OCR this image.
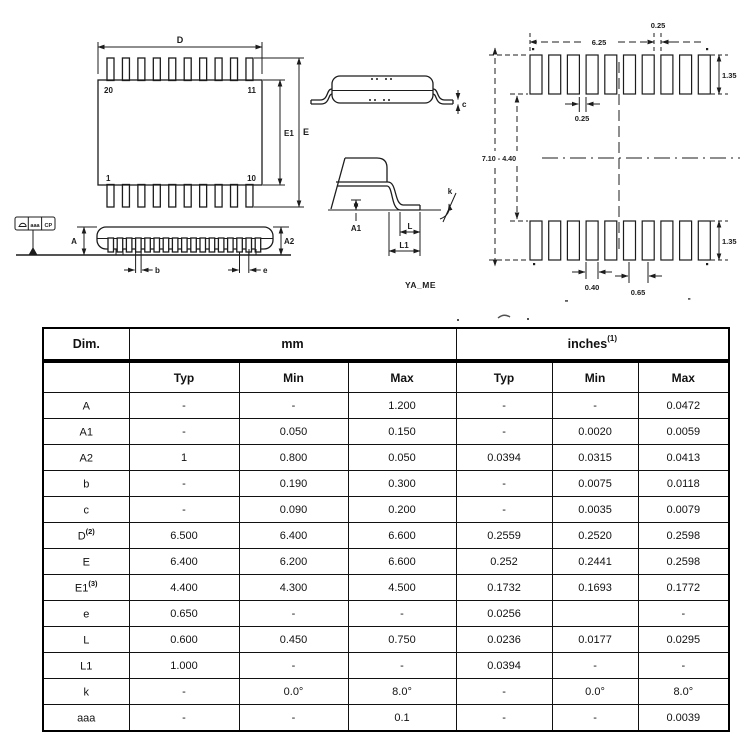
D
20	11
1	10
E1 E
aaa CP
A	A2
b	e
c
A1	L
L1
k
YA_ME
6.25
0.25
1.35
0.25
7.10 - 4.40
1.35
0.40
0.65
Dim.	mm			inches$^{(1)}$
	Typ	Min	Max	Typ	Min	Max
A	-	-	1.200	-	-	0.0472
A1	-	0.050	0.150	-	0.0020	0.0059
A2	1	0.800	0.050	0.0394	0.0315	0.0413
b	-	0.190	0.300	-	0.0075	0.0118
c	-	0.090	0.200	-	0.0035	0.0079
$D^{(2)}$	6.500	6.400	6.600	0.2559	0.2520	0.2598
E	6.400	6.200	6.600	0.252	0.2441	0.2598
E1$^{(3)}$	4.400	4.300	4.500	0.1732	0.1693	0.1772
e	0.650	-	-	0.0256		-
L	0.600	0.450	0.750	0.0236	0.0177	0.0295
L1	1.000	-	-	0.0394	-	-
k	-	0.0°	8.0°	-	0.0°	8.0°
aaa	-	-	0.1	-	-	0.0039
